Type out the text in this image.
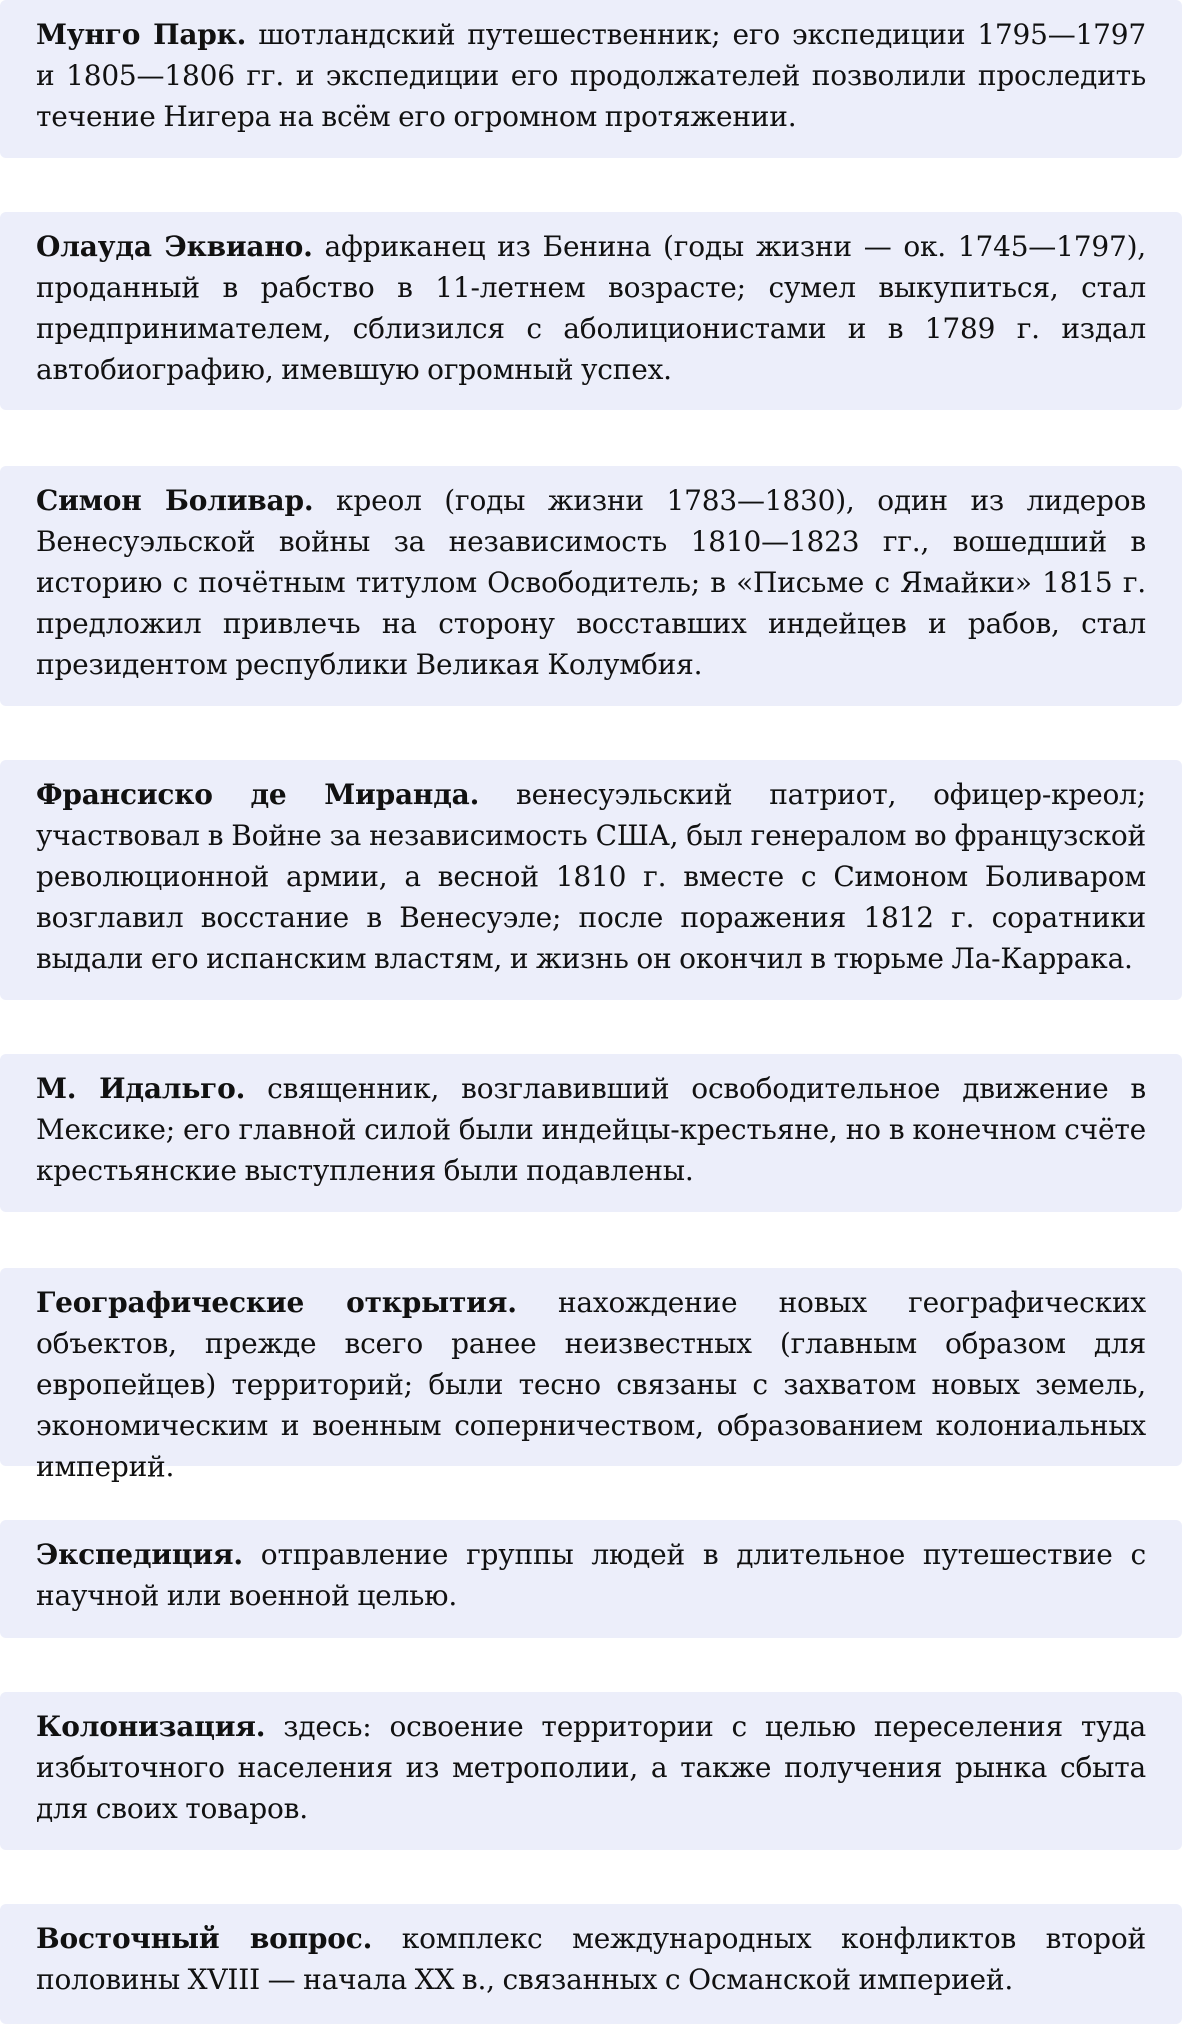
Мунго Парк. шотландский путешественник; его экспедиции 1795—1797 и 1805—1806 гг. и экспедиции его продолжателей позволили проследить течение Нигера на всём его огромном протяжении.

Олауда Эквиано. африканец из Бенина (годы жизни — ок. 1745—1797), проданный в рабство в 11-летнем возрасте; сумел выкупиться, стал предпринимателем, сблизился с аболиционистами и в 1789 г. издал автобиографию, имевшую огромный успех.

Симон Боливар. креол (годы жизни 1783—1830), один из лидеров Венесуэльской войны за независимость 1810—1823 гг., вошедший в историю с почётным титулом Освободитель; в «Письме с Ямайки» 1815 г. предложил привлечь на сторону восставших индейцев и рабов, стал президентом республики Великая Колумбия.

Франсиско де Миранда. венесуэльский патриот, офицер-креол; участвовал в Войне за независимость США, был генералом во французской революционной армии, а весной 1810 г. вместе с Симоном Боливаром возглавил восстание в Венесуэле; после поражения 1812 г. соратники выдали его испанским властям, и жизнь он окончил в тюрьме Ла-Каррака.

М. Идальго. священник, возглавивший освободительное движение в Мексике; его главной силой были индейцы-крестьяне, но в конечном счёте крестьянские выступления были подавлены.

Географические открытия. нахождение новых географических объектов, прежде всего ранее неизвестных (главным образом для европейцев) территорий; были тесно связаны с захватом новых земель, экономическим и военным соперничеством, образованием колониальных империй.

Экспедиция. отправление группы людей в длительное путешествие с научной или военной целью.

Колонизация. здесь: освоение территории с целью переселения туда избыточного населения из метрополии, а также получения рынка сбыта для своих товаров.

Восточный вопрос. комплекс международных конфликтов второй половины XVIII — начала XX в., связанных с Османской империей.
